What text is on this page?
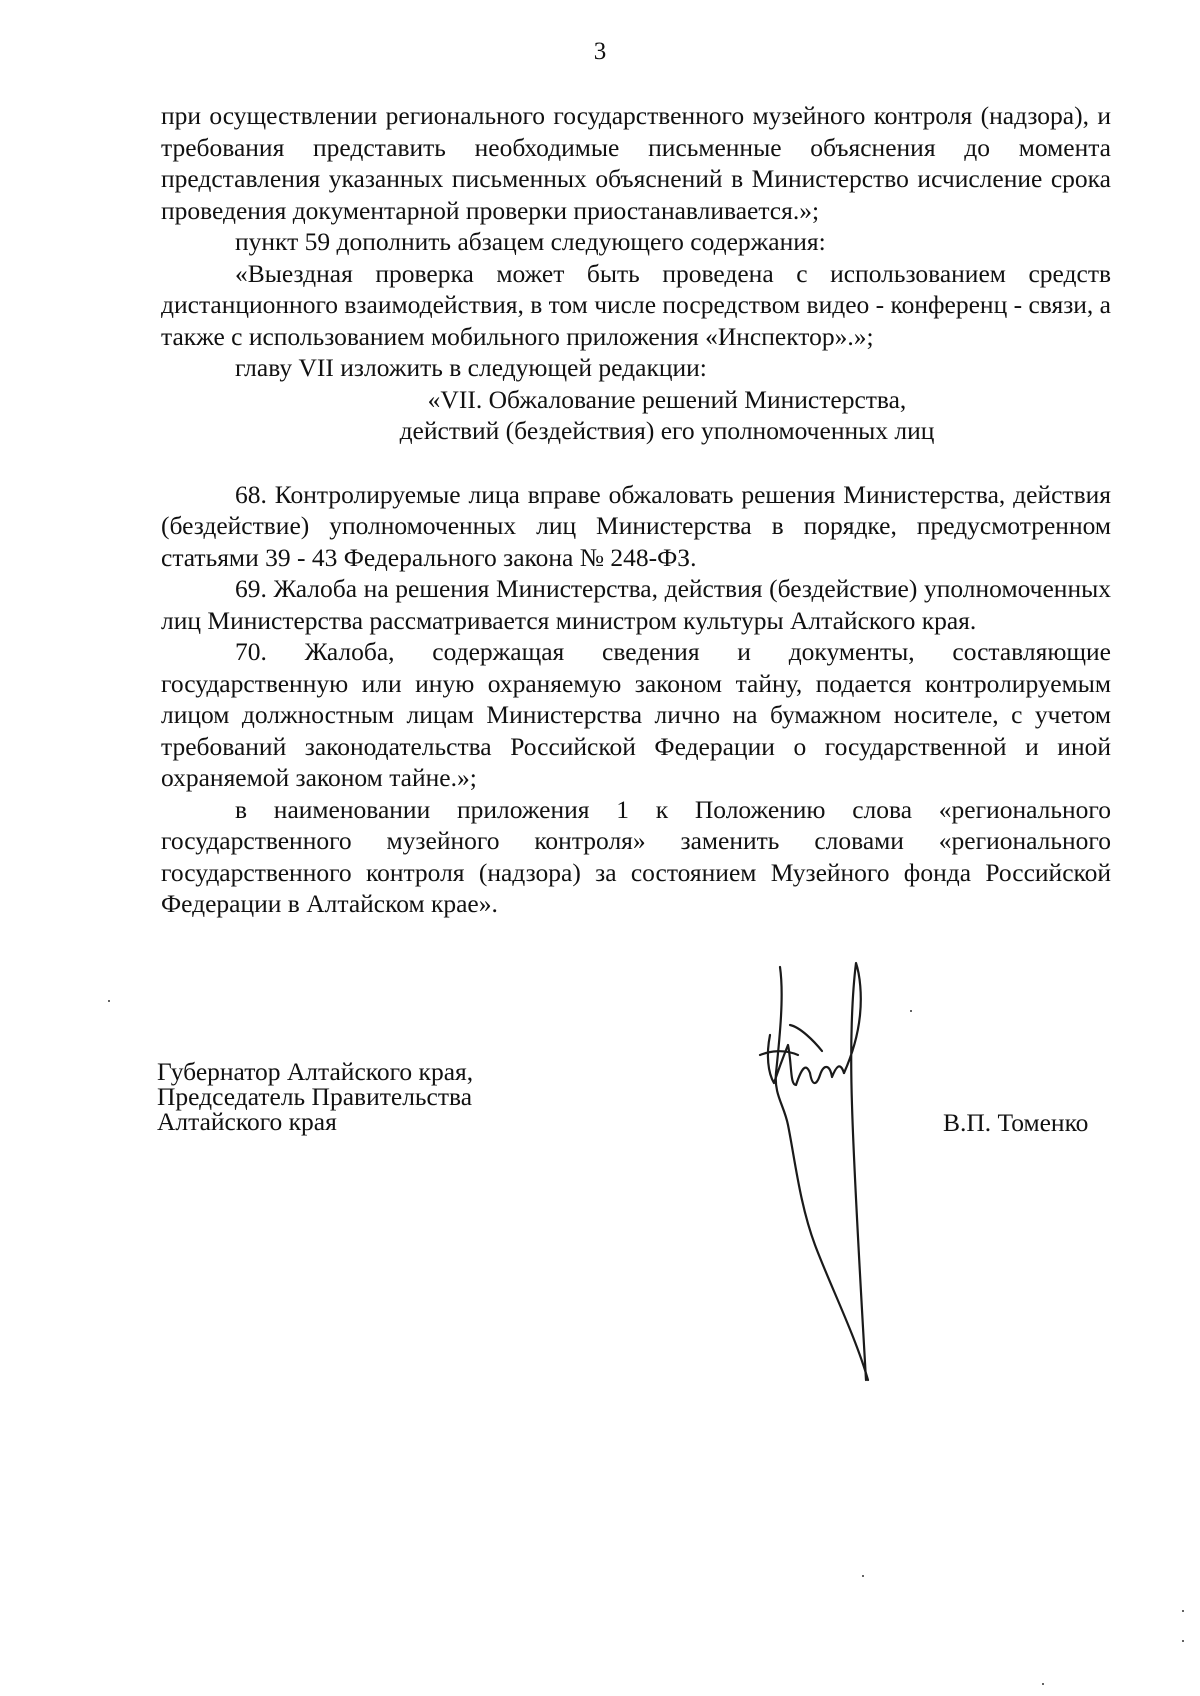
3

при осуществлении регионального государственного музейного контроля (надзора), и требования представить необходимые письменные объяснения до момента представления указанных письменных объяснений в Министерство исчисление срока проведения документарной проверки приостанавливается.»;

пункт 59 дополнить абзацем следующего содержания:

«Выездная проверка может быть проведена с использованием средств дистанционного взаимодействия, в том числе посредством видео - конференц - связи, а также с использованием мобильного приложения «Инспектор».»;

главу VII изложить в следующей редакции:

«VII. Обжалование решений Министерства,

действий (бездействия) его уполномоченных лиц

68. Контролируемые лица вправе обжаловать решения Министерства, действия (бездействие) уполномоченных лиц Министерства в порядке, предусмотренном статьями 39 - 43 Федерального закона № 248-ФЗ.

69. Жалоба на решения Министерства, действия (бездействие) уполномоченных лиц Министерства рассматривается министром культуры Алтайского края.

70. Жалоба, содержащая сведения и документы, составляющие государственную или иную охраняемую законом тайну, подается контролируемым лицом должностным лицам Министерства лично на бумажном носителе, с учетом требований законодательства Российской Федерации о государственной и иной охраняемой законом тайне.»;

в наименовании приложения 1 к Положению слова «регионального государственного музейного контроля» заменить словами «регионального государственного контроля (надзора) за состоянием Музейного фонда Российской Федерации в Алтайском крае».

Губернатор Алтайского края,
Председатель Правительства
Алтайского края	В.П. Томенко
